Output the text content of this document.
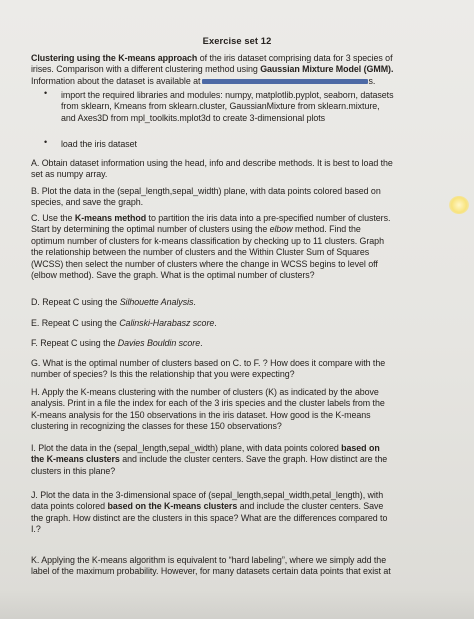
Exercise set 12
Clustering using the K-means approach of the iris dataset comprising data for 3 species of
irises. Comparison with a different clustering method using Gaussian Mixture Model (GMM).
Information about the dataset is available at	s.
• import the required libraries and modules: numpy, matplotlib.pyplot, seaborn, datasets
from sklearn, Kmeans from sklearn.cluster, GaussianMixture from sklearn.mixture,
and Axes3D from mpl_toolkits.mplot3d to create 3-dimensional plots
• load the iris dataset
A. Obtain dataset information using the head, info and describe methods. It is best to load the
set as numpy array.
B. Plot the data in the (sepal_length,sepal_width) plane, with data points colored based on
species, and save the graph.
C. Use the K-means method to partition the iris data into a pre-specified number of clusters.
Start by determining the optimal number of clusters using the elbow method. Find the
optimum number of clusters for k-means classification by checking up to 11 clusters. Graph
the relationship between the number of clusters and the Within Cluster Sum of Squares
(WCSS) then select the number of clusters where the change in WCSS begins to level off
(elbow method). Save the graph. What is the optimal number of clusters?
D. Repeat C using the Silhouette Analysis.
E. Repeat C using the Calinski-Harabasz score.
F. Repeat C using the Davies Bouldin score.
G. What is the optimal number of clusters based on C. to F. ? How does it compare with the
number of species? Is this the relationship that you were expecting?
H. Apply the K-means clustering with the number of clusters (K) as indicated by the above
analysis. Print in a file the index for each of the 3 iris species and the cluster labels from the
K-means analysis for the 150 observations in the iris dataset. How good is the K-means
clustering in recognizing the classes for these 150 observations?
I. Plot the data in the (sepal_length,sepal_width) plane, with data points colored based on
the K-means clusters and include the cluster centers. Save the graph. How distinct are the
clusters in this plane?
J. Plot the data in the 3-dimensional space of (sepal_length,sepal_width,petal_length), with
data points colored based on the K-means clusters and include the cluster centers. Save
the graph. How distinct are the clusters in this space? What are the differences compared to
I.?
K. Applying the K-means algorithm is equivalent to “hard labeling”, where we simply add the
label of the maximum probability. However, for many datasets certain data points that exist at
